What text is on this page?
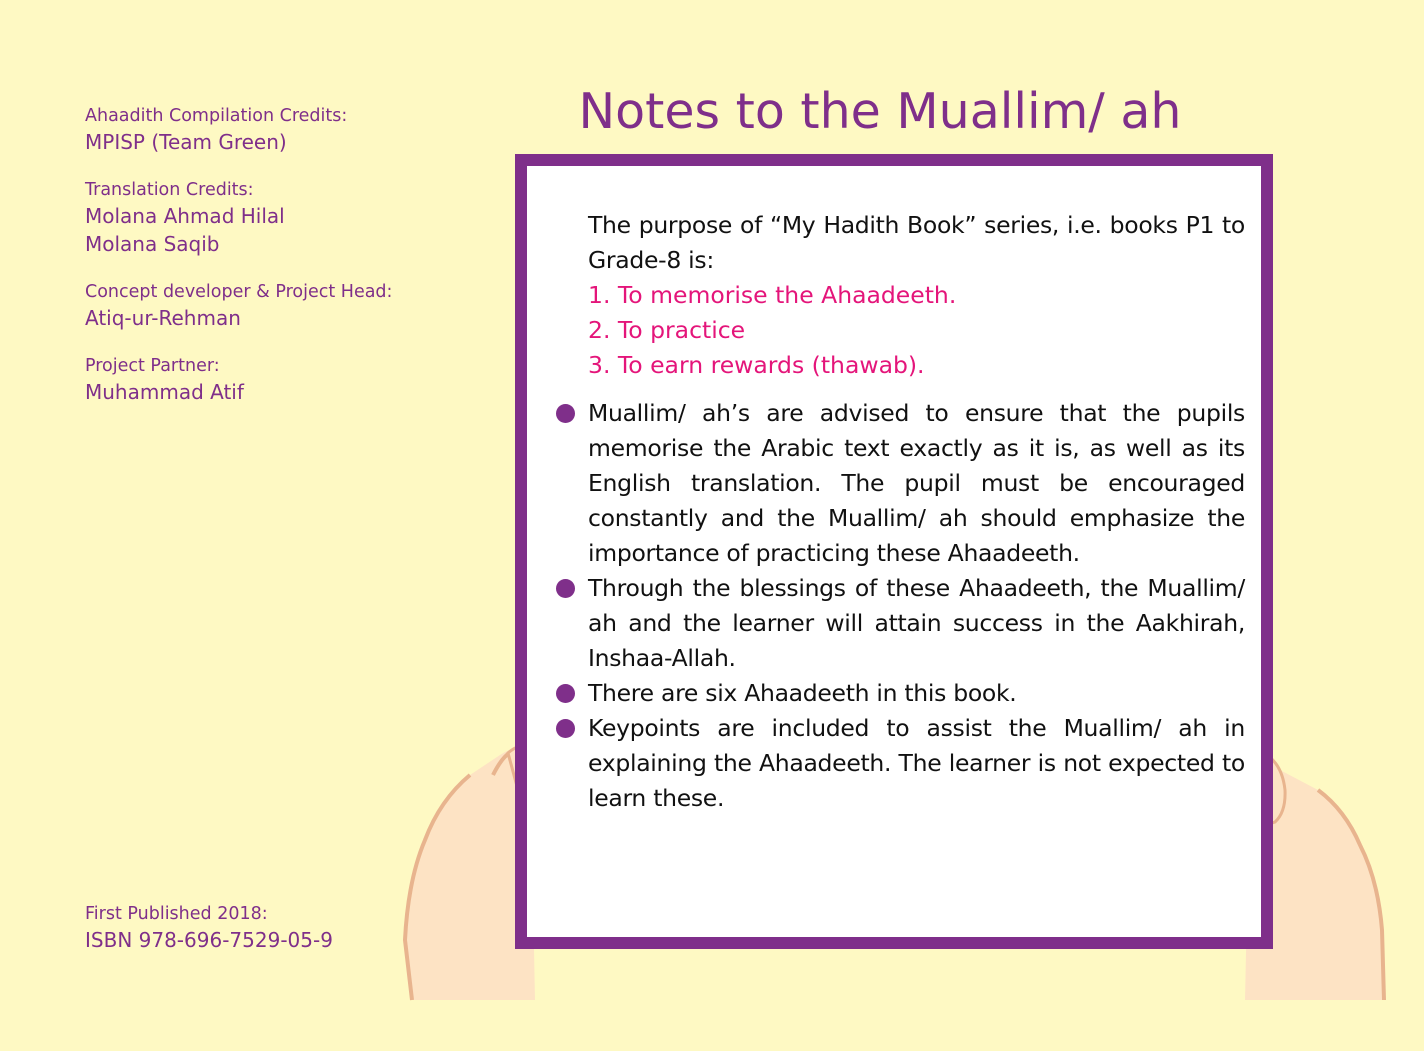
Ahaadith Compilation Credits:
MPISP (Team Green)
Translation Credits:
Molana Ahmad Hilal
Molana Saqib
Concept developer & Project Head:
Atiq-ur-Rehman
Project Partner:
Muhammad Atif
First Published 2018:
ISBN 978-696-7529-05-9
Notes to the Muallim/ ah

The purpose of “My Hadith Book” series, i.e. books P1 to Grade-8 is:

1. To memorise the Ahaadeeth.
2. To practice
3. To earn rewards (thawab).
Muallim/ ah’s are advised to ensure that the pupils memorise the Arabic text exactly as it is, as well as its English translation. The pupil must be encouraged constantly and the Muallim/ ah should emphasize the importance of practicing these Ahaadeeth.
Through the blessings of these Ahaadeeth, the Muallim/ ah and the learner will attain success in the Aakhirah, Inshaa-Allah.
There are six Ahaadeeth in this book.
Keypoints are included to assist the Muallim/ ah in explaining the Ahaadeeth. The learner is not expected to learn these.
